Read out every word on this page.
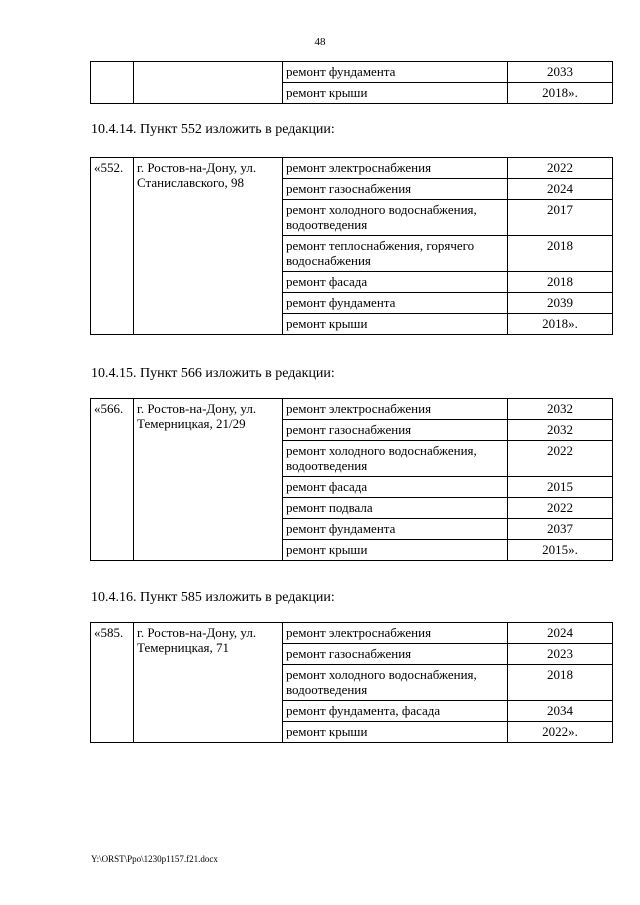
48
		ремонт фундамента	2033
		ремонт крыши	2018».
10.4.14. Пункт 552 изложить в редакции:
«552.	г. Ростов-на-Дону, ул. Станиславского, 98	ремонт электроснабжения	2022
		ремонт газоснабжения	2024
		ремонт холодного водоснабжения, водоотведения	2017
		ремонт теплоснабжения, горячего водоснабжения	2018
		ремонт фасада	2018
		ремонт фундамента	2039
		ремонт крыши	2018».
10.4.15. Пункт 566 изложить в редакции:
«566.	г. Ростов-на-Дону, ул. Темерницкая, 21/29	ремонт электроснабжения	2032
		ремонт газоснабжения	2032
		ремонт холодного водоснабжения, водоотведения	2022
		ремонт фасада	2015
		ремонт подвала	2022
		ремонт фундамента	2037
		ремонт крыши	2015».
10.4.16. Пункт 585 изложить в редакции:
«585.	г. Ростов-на-Дону, ул. Темерницкая, 71	ремонт электроснабжения	2024
		ремонт газоснабжения	2023
		ремонт холодного водоснабжения, водоотведения	2018
		ремонт фундамента, фасада	2034
		ремонт крыши	2022».
Y:\ORST\Ppo\1230p1157.f21.docx
